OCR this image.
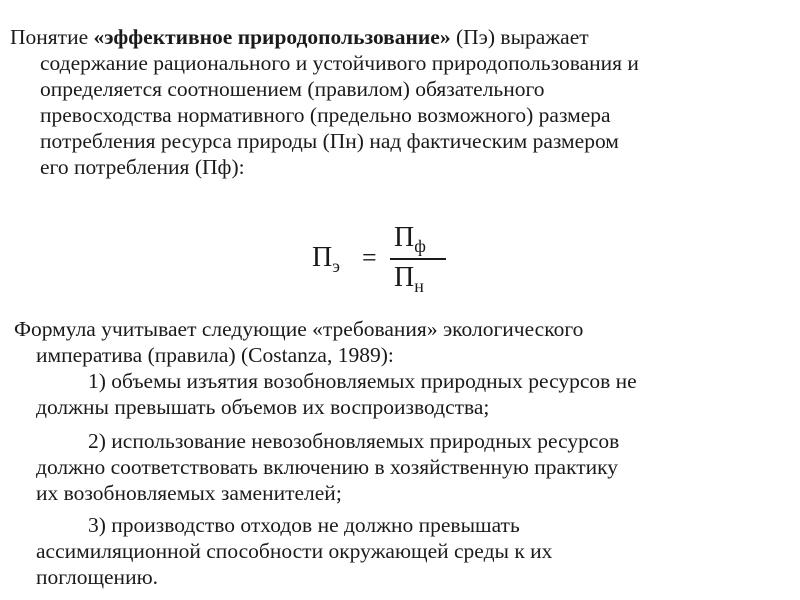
Понятие «эффективное природопользование» (Пэ) выражает
содержание рационального и устойчивого природопользования и
определяется соотношением (правилом) обязательного
превосходства нормативного (предельно возможного) размера
потребления ресурса природы (Пн) над фактическим размером
его потребления (Пф):
$П_э$ =
$П_ф$
$П_н$
Формула учитывает следующие «требования» экологического
императива (правила) (Costanza, 1989):
1) объемы изъятия возобновляемых природных ресурсов не
должны превышать объемов их воспроизводства;
2) использование невозобновляемых природных ресурсов
должно соответствовать включению в хозяйственную практику
их возобновляемых заменителей;
3) производство отходов не должно превышать
ассимиляционной способности окружающей среды к их
поглощению.
